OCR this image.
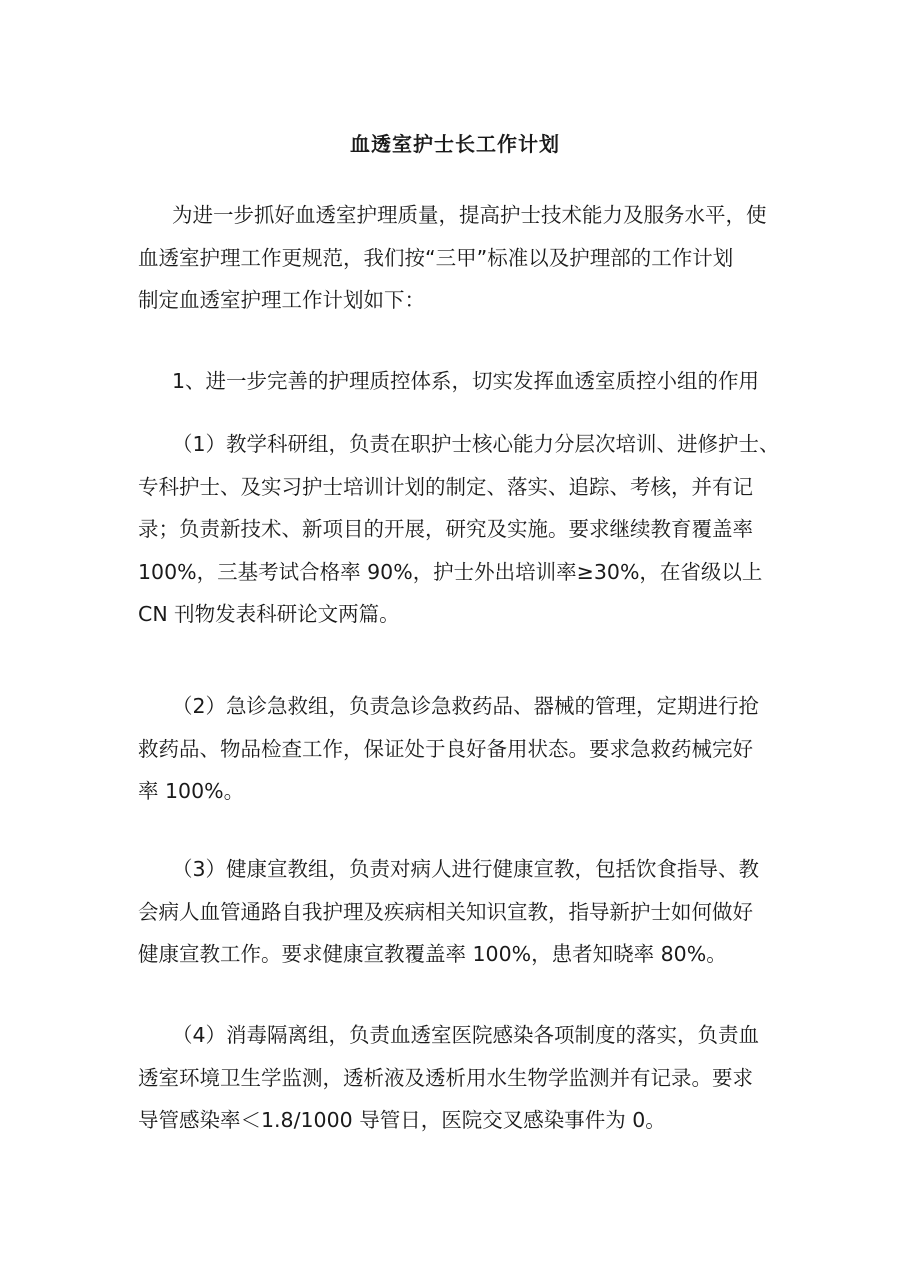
血透室护士长工作计划
为进一步抓好血透室护理质量，提高护士技术能力及服务水平，使
血透室护理工作更规范，我们按“三甲”标准以及护理部的工作计划
制定血透室护理工作计划如下：
1、进一步完善的护理质控体系，切实发挥血透室质控小组的作用
（1）教学科研组，负责在职护士核心能力分层次培训、进修护士、
专科护士、及实习护士培训计划的制定、落实、追踪、考核，并有记
录；负责新技术、新项目的开展，研究及实施。要求继续教育覆盖率
100%，三基考试合格率 90%，护士外出培训率≥30%，在省级以上
CN 刊物发表科研论文两篇。
（2）急诊急救组，负责急诊急救药品、器械的管理，定期进行抢
救药品、物品检查工作，保证处于良好备用状态。要求急救药械完好
率 100%。
（3）健康宣教组，负责对病人进行健康宣教，包括饮食指导、教
会病人血管通路自我护理及疾病相关知识宣教，指导新护士如何做好
健康宣教工作。要求健康宣教覆盖率 100%，患者知晓率 80%。
（4）消毒隔离组，负责血透室医院感染各项制度的落实，负责血
透室环境卫生学监测，透析液及透析用水生物学监测并有记录。要求
导管感染率＜1.8/1000 导管日，医院交叉感染事件为 0。
